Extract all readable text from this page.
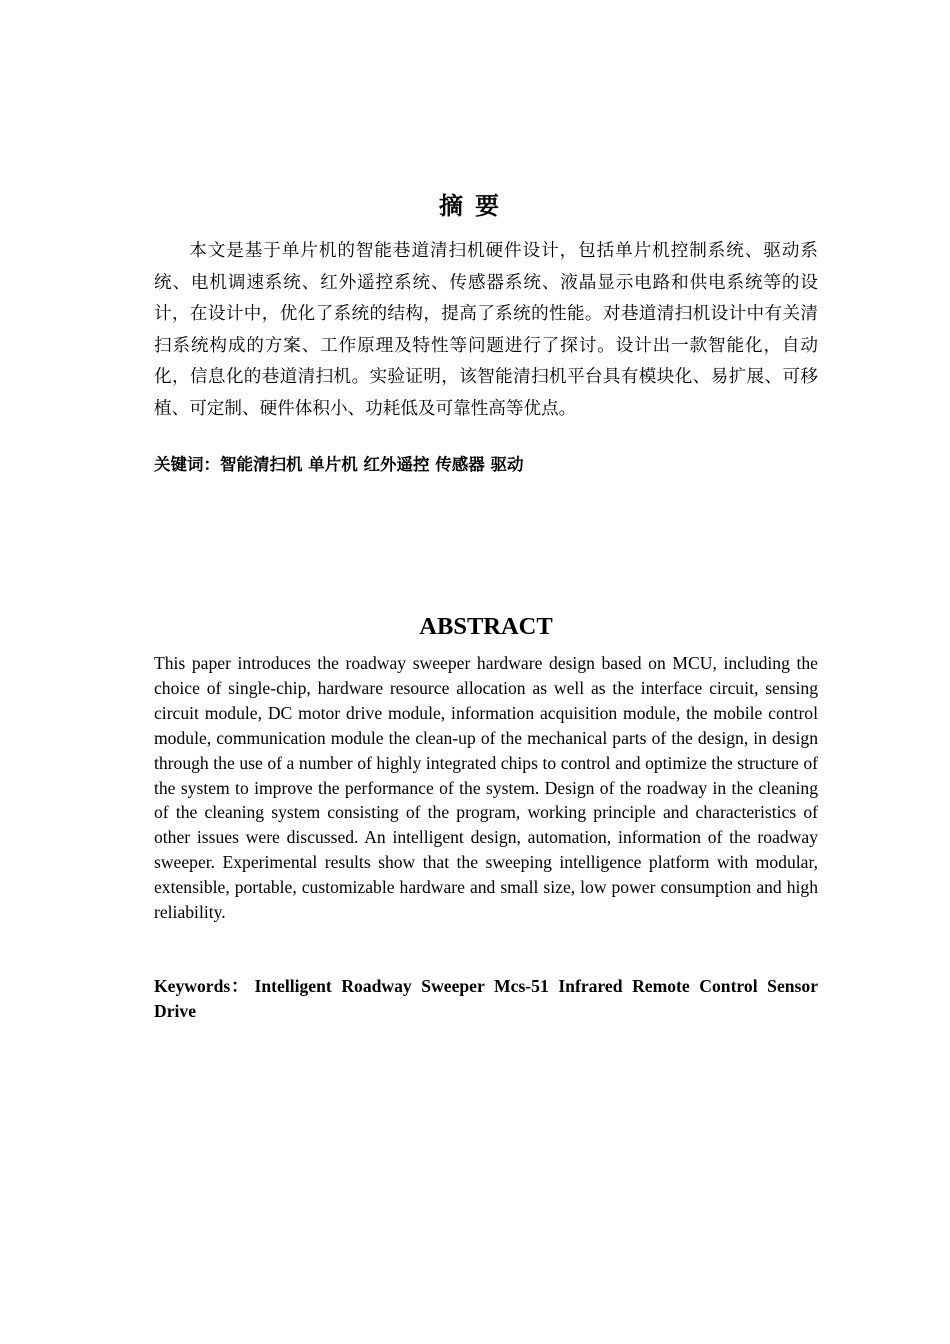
摘要

本文是基于单片机的智能巷道清扫机硬件设计，包括单片机控制系统、驱动系统、电机调速系统、红外遥控系统、传感器系统、液晶显示电路和供电系统等的设计，在设计中，优化了系统的结构，提高了系统的性能。对巷道清扫机设计中有关清扫系统构成的方案、工作原理及特性等问题进行了探讨。设计出一款智能化，自动化，信息化的巷道清扫机。实验证明，该智能清扫机平台具有模块化、易扩展、可移植、可定制、硬件体积小、功耗低及可靠性高等优点。

关键词：智能清扫机 单片机 红外遥控 传感器 驱动

ABSTRACT

This paper introduces the roadway sweeper hardware design based on MCU, including the choice of single-chip, hardware resource allocation as well as the interface circuit, sensing circuit module, DC motor drive module, information acquisition module, the mobile control module, communication module the clean-up of the mechanical parts of the design, in design through the use of a number of highly integrated chips to control and optimize the structure of the system to improve the performance of the system. Design of the roadway in the cleaning of the cleaning system consisting of the program, working principle and characteristics of other issues were discussed. An intelligent design, automation, information of the roadway sweeper. Experimental results show that the sweeping intelligence platform with modular, extensible, portable, customizable hardware and small size, low power consumption and high reliability.

Keywords： Intelligent Roadway Sweeper Mcs-51 Infrared Remote Control Sensor Drive
